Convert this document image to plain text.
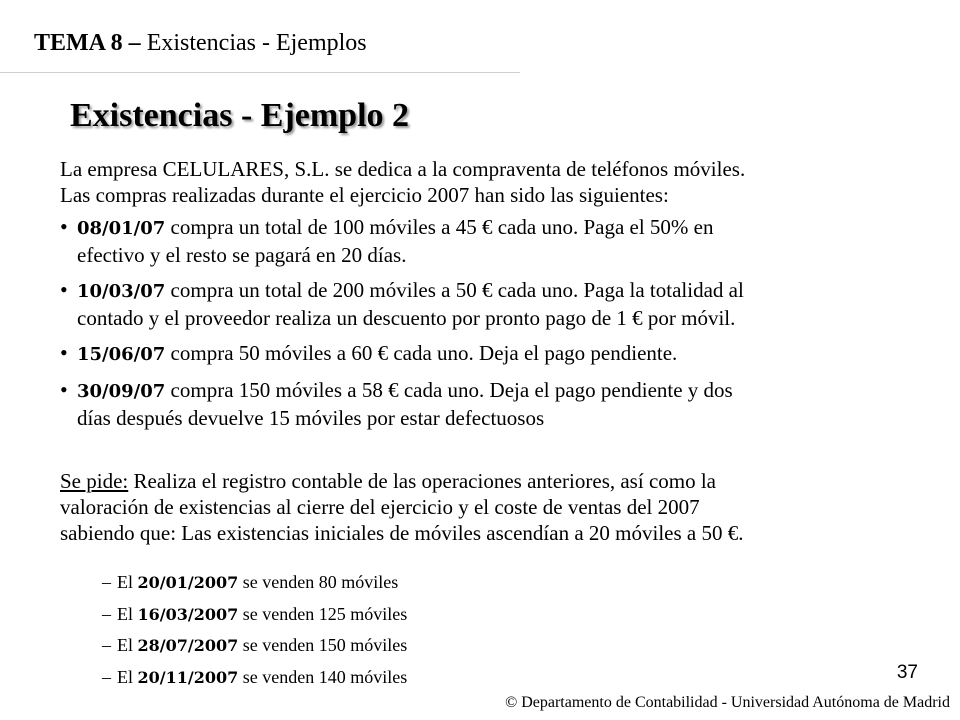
TEMA 8 – Existencias - Ejemplos
Existencias - Ejemplo 2

La empresa CELULARES, S.L. se dedica a la compraventa de teléfonos móviles.
Las compras realizadas durante el ejercicio 2007 han sido las siguientes:

• 08/01/07 compra un total de 100 móviles a 45 € cada uno. Paga el 50% en
efectivo y el resto se pagará en 20 días.
• 10/03/07 compra un total de 200 móviles a 50 € cada uno. Paga la totalidad al
contado y el proveedor realiza un descuento por pronto pago de 1 € por móvil.
• 15/06/07 compra 50 móviles a 60 € cada uno. Deja el pago pendiente.
• 30/09/07 compra 150 móviles a 58 € cada uno. Deja el pago pendiente y dos
días después devuelve 15 móviles por estar defectuosos

Se pide: Realiza el registro contable de las operaciones anteriores, así como la
valoración de existencias al cierre del ejercicio y el coste de ventas del 2007
sabiendo que: Las existencias iniciales de móviles ascendían a 20 móviles a 50 €.

– El 20/01/2007 se venden 80 móviles
– El 16/03/2007 se venden 125 móviles
– El 28/07/2007 se venden 150 móviles
– El 20/11/2007 se venden 140 móviles	37
© Departamento de Contabilidad - Universidad Autónoma de Madrid
